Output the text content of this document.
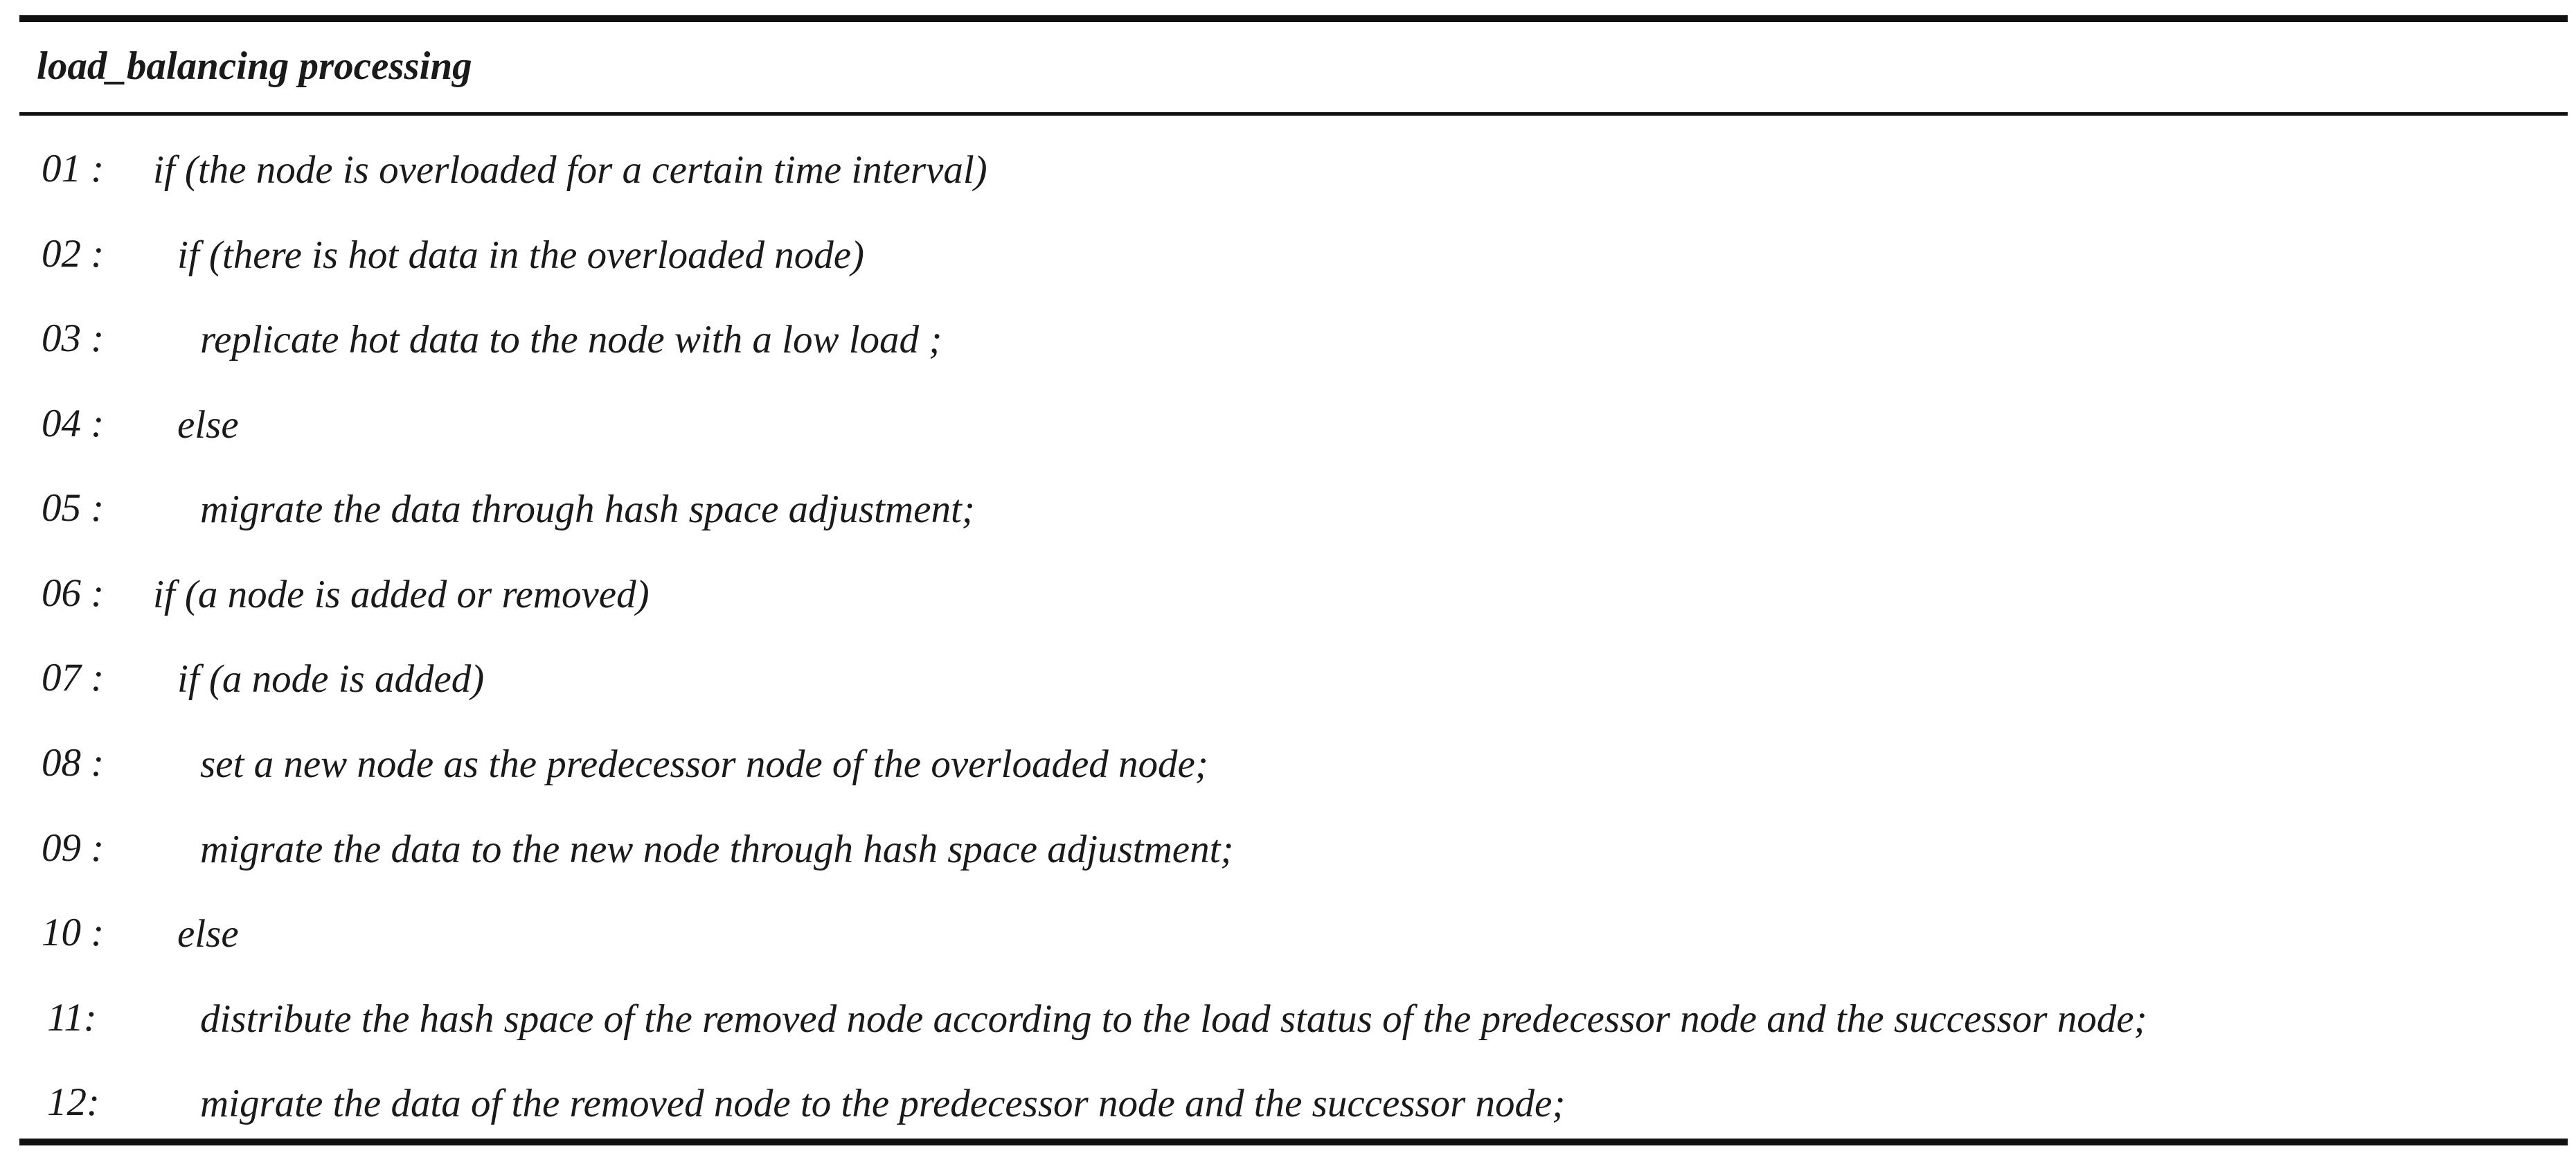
load_balancing processing
01 : if (the node is overloaded for a certain time interval)
02 : if (there is hot data in the overloaded node)
03 : replicate hot data to the node with a low load ;
04 : else
05 : migrate the data through hash space adjustment;
06 : if (a node is added or removed)
07 : if (a node is added)
08 : set a new node as the predecessor node of the overloaded node;
09 : migrate the data to the new node through hash space adjustment;
10 : else
11:	distribute the hash space of the removed node according to the load status of the predecessor node and the successor node;
12:	migrate the data of the removed node to the predecessor node and the successor node;
